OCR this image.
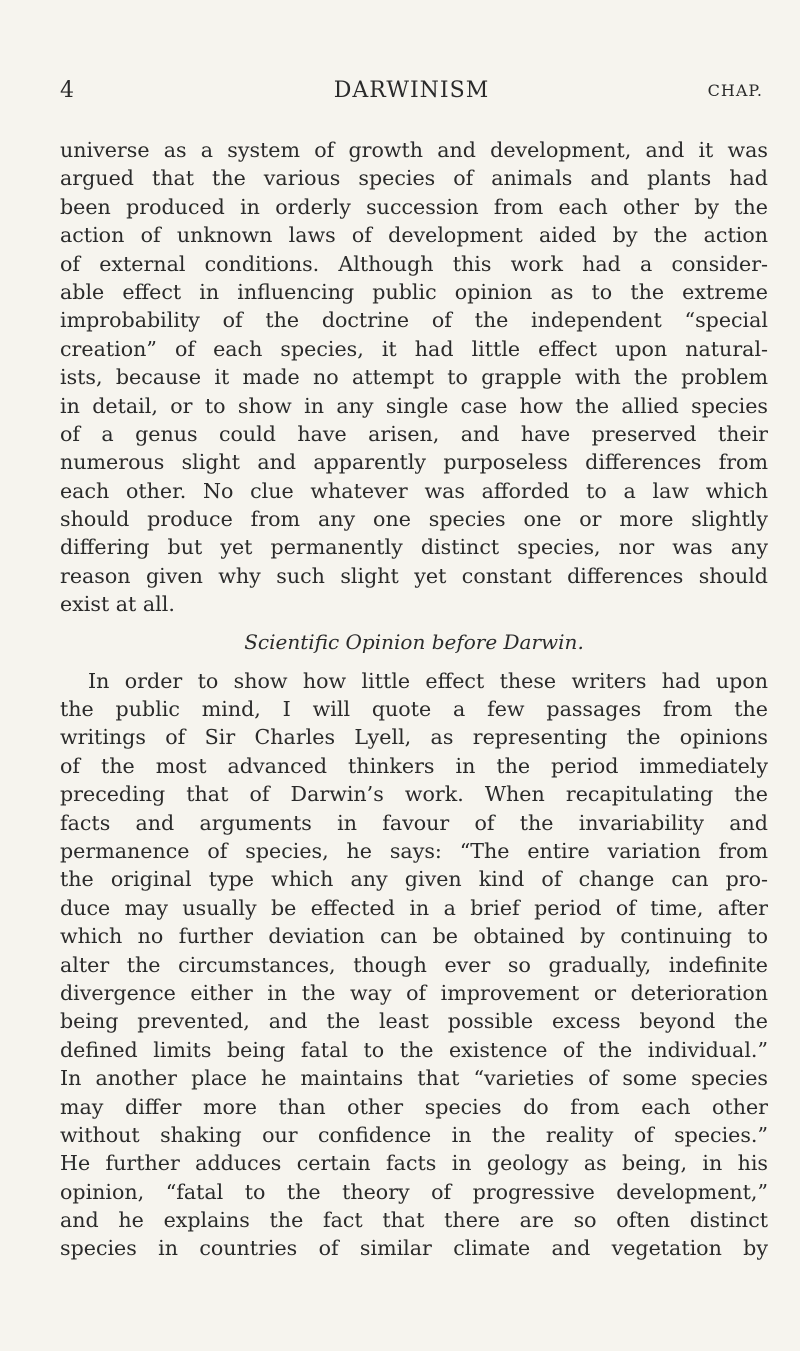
4	DARWINISM	CHAP.
universe as a system of growth and development, and it was
argued that the various species of animals and plants had
been produced in orderly succession from each other by the
action of unknown laws of development aided by the action
of external conditions. Although this work had a consider-
able effect in influencing public opinion as to the extreme
improbability of the doctrine of the independent “special
creation” of each species, it had little effect upon natural-
ists, because it made no attempt to grapple with the problem
in detail, or to show in any single case how the allied species
of a genus could have arisen, and have preserved their
numerous slight and apparently purposeless differences from
each other. No clue whatever was afforded to a law which
should produce from any one species one or more slightly
differing but yet permanently distinct species, nor was any
reason given why such slight yet constant differences should
exist at all.
Scientific Opinion before Darwin.
In order to show how little effect these writers had upon
the public mind, I will quote a few passages from the
writings of Sir Charles Lyell, as representing the opinions
of the most advanced thinkers in the period immediately
preceding that of Darwin’s work. When recapitulating the
facts and arguments in favour of the invariability and
permanence of species, he says: “The entire variation from
the original type which any given kind of change can pro-
duce may usually be effected in a brief period of time, after
which no further deviation can be obtained by continuing to
alter the circumstances, though ever so gradually, indefinite
divergence either in the way of improvement or deterioration
being prevented, and the least possible excess beyond the
defined limits being fatal to the existence of the individual.”
In another place he maintains that “varieties of some species
may differ more than other species do from each other
without shaking our confidence in the reality of species.”
He further adduces certain facts in geology as being, in his
opinion, “fatal to the theory of progressive development,”
and he explains the fact that there are so often distinct
species in countries of similar climate and vegetation by
